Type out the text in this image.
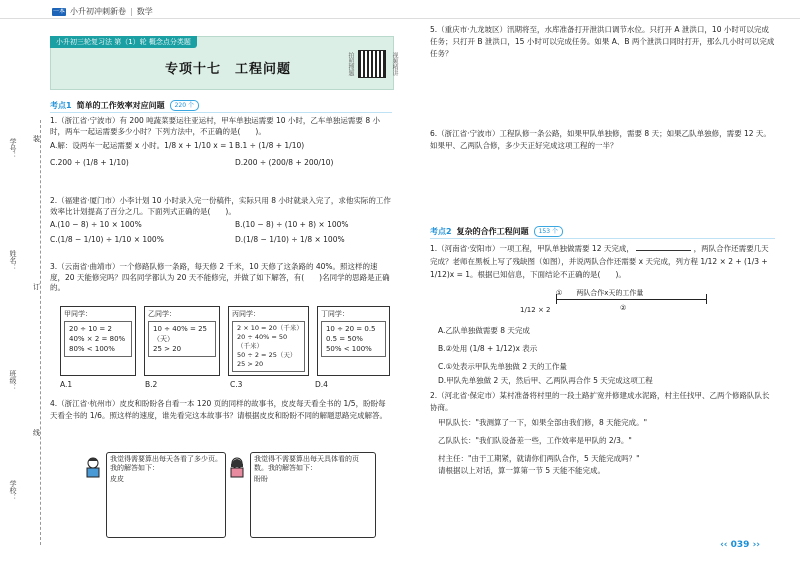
一本 小升初冲刺新卷 | 数学
学号：
姓名：
班级：
学校：
装
订
线
小升初三轮复习法 第（1）轮 概念点分类题
专项十七　工程问题	拍照搜题	视频精讲
考点1 简单的工作效率对应问题	220 个
1.（浙江省·宁波市）有 200 吨蔬菜要运往亚运村，甲车单独运需要 10 小时，乙车单独运需要 8 小时，两车一起运需要多少小时？下列方法中，不正确的是(　　)。
A.解：设两车一起运需要 x 小时。1/8 x + 1/10 x = 1 B.1 ÷ (1/8 + 1/10)
C.200 ÷ (1/8 + 1/10)	D.200 ÷ (200/8 + 200/10)
2.（福建省·厦门市）小李计划 10 小时录入完一份稿件，实际只用 8 小时就录入完了，求他实际的工作效率比计划提高了百分之几。下面列式正确的是(　　)。
A.(10 − 8) ÷ 10 × 100%	B.(10 − 8) ÷ (10 + 8) × 100%
C.(1/8 − 1/10) ÷ 1/10 × 100%	D.(1/8 − 1/10) ÷ 1/8 × 100%
3.（云南省·曲靖市）一个修路队修一条路，每天修 2 千米，10 天修了这条路的 40%。照这样的速度，20 天能修完吗？四名同学都认为 20 天不能修完，并做了如下解答，有(　　)名同学的思路是正确的。
甲同学：
20 ÷ 10 = 2
40% × 2 = 80%
80% < 100%
乙同学：
10 ÷ 40% = 25（天）
25 > 20
丙同学：
2 × 10 = 20（千米）
20 ÷ 40% = 50（千米）
50 ÷ 2 = 25（天）
25 > 20
丁同学：
10 ÷ 20 = 0.5
0.5 = 50%
50% < 100%
A.1	B.2	C.3	D.4
4.（浙江省·杭州市）皮皮和盼盼各自看一本 120 页的同样的故事书，皮皮每天看全书的 1/5，盼盼每天看全书的 1/6。照这样的速度，谁先看完这本故事书？请根据皮皮和盼盼不同的解题思路完成解答。
我觉得需要算出每天各看了多少页。我的解答如下：
皮皮
我觉得不需要算出每天具体看的页数。我的解答如下：
盼盼
5.（重庆市·九龙坡区）汛期将至，水库准备打开泄洪口调节水位。只打开 A 泄洪口，10 小时可以完成任务；只打开 B 泄洪口，15 小时可以完成任务。如果 A、B 两个泄洪口同时打开，那么几小时可以完成任务？
6.（浙江省·宁波市）工程队修一条公路，如果甲队单独修，需要 8 天；如果乙队单独修，需要 12 天。如果甲、乙两队合修，多少天正好完成这项工程的一半？
考点2 复杂的合作工程问题	153 个
1.（河南省·安阳市）一项工程，甲队单独做需要 12 天完成，	，两队合作还需要几天完成？老师在黑板上写了残缺图（如图），并说两队合作还需要 x 天完成，列方程 1/12 × 2 + (1/3 + 1/12)x = 1。根据已知信息，下面结论不正确的是(　　)。
①　　两队合作x天的工作量
②
1/12 × 2
A.乙队单独做需要 8 天完成
B.②处用 (1/8 + 1/12)x 表示
C.①处表示甲队先单独做 2 天的工作量
D.甲队先单独做 2 天，然后甲、乙两队再合作 5 天完成这项工程
2.（河北省·保定市）某村准备将村里的一段土路扩宽并修建成水泥路，村主任找甲、乙两个修路队队长协商。
甲队队长："我测算了一下，如果全部由我们修，8 天能完成。"
乙队队长："我们队设备差一些，工作效率是甲队的 2/3。"
村主任："由于工期紧，就请你们两队合作，5 天能完成吗？"
请根据以上对话，算一算第一节 5 天能不能完成。
‹‹ 039 ››
